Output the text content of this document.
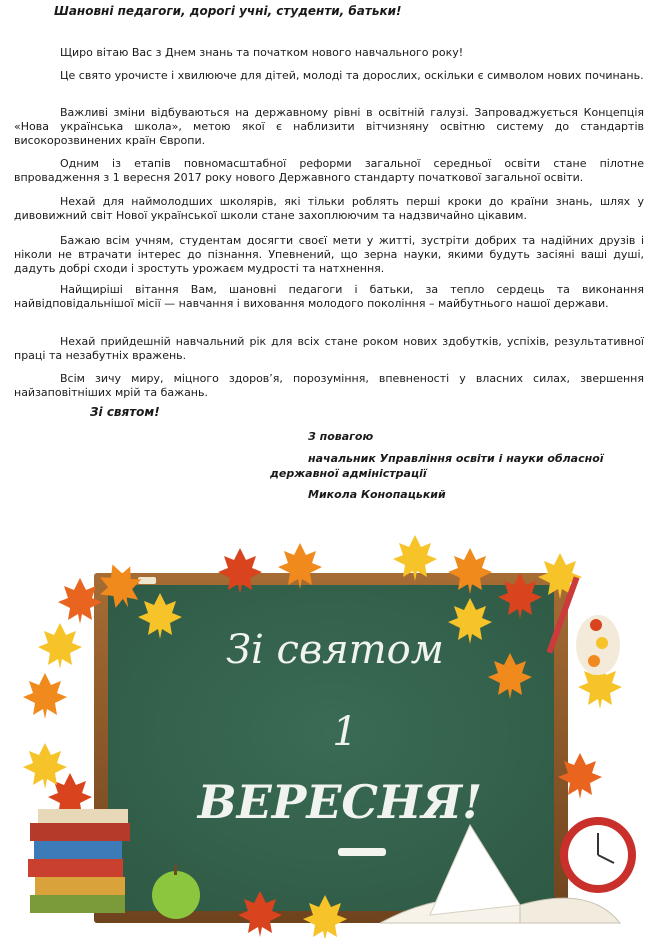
Шановні педагоги, дорогі учні, студенти, батьки!

Щиро вітаю Вас з Днем знань та початком нового навчального року!

Це свято урочисте і хвилююче для дітей, молоді та дорослих, оскільки є символом нових починань.

Важливі зміни відбуваються на державному рівні в освітній галузі. Запроваджується Концепція «Нова українська школа», метою якої є наблизити вітчизняну освітню систему до стандартів високорозвинених країн Європи.

Одним із етапів повномасштабної реформи загальної середньої освіти стане пілотне впровадження з 1 вересня 2017 року нового Державного стандарту початкової загальної освіти.

Нехай для наймолодших школярів, які тільки роблять перші кроки до країни знань, шлях у дивовижний світ Нової української школи стане захоплюючим та надзвичайно цікавим.

Бажаю всім учням, студентам досягти своєї мети у житті, зустріти добрих та надійних друзів і ніколи не втрачати інтерес до пізнання. Упевнений, що зерна науки, якими будуть засіяні ваші душі, дадуть добрі сходи і зростуть урожаєм мудрості та натхнення.

Найщиріші вітання Вам, шановні педагоги і батьки, за тепло сердець та виконання найвідповідальнішої місії — навчання і виховання молодого покоління – майбутнього нашої держави.

Нехай прийдешній навчальний рік для всіх стане роком нових здобутків, успіхів, результативної праці та незабутніх вражень.

Всім зичу миру, міцного здоров’я, порозуміння, впевненості у власних силах, звершення найзаповітніших мрій та бажань.

Зі святом!

З повагою

начальник Управління освіти і науки обласної

державної адміністрації

Микола Конопацький

Зі святом
1
ВЕРЕСНЯ!
